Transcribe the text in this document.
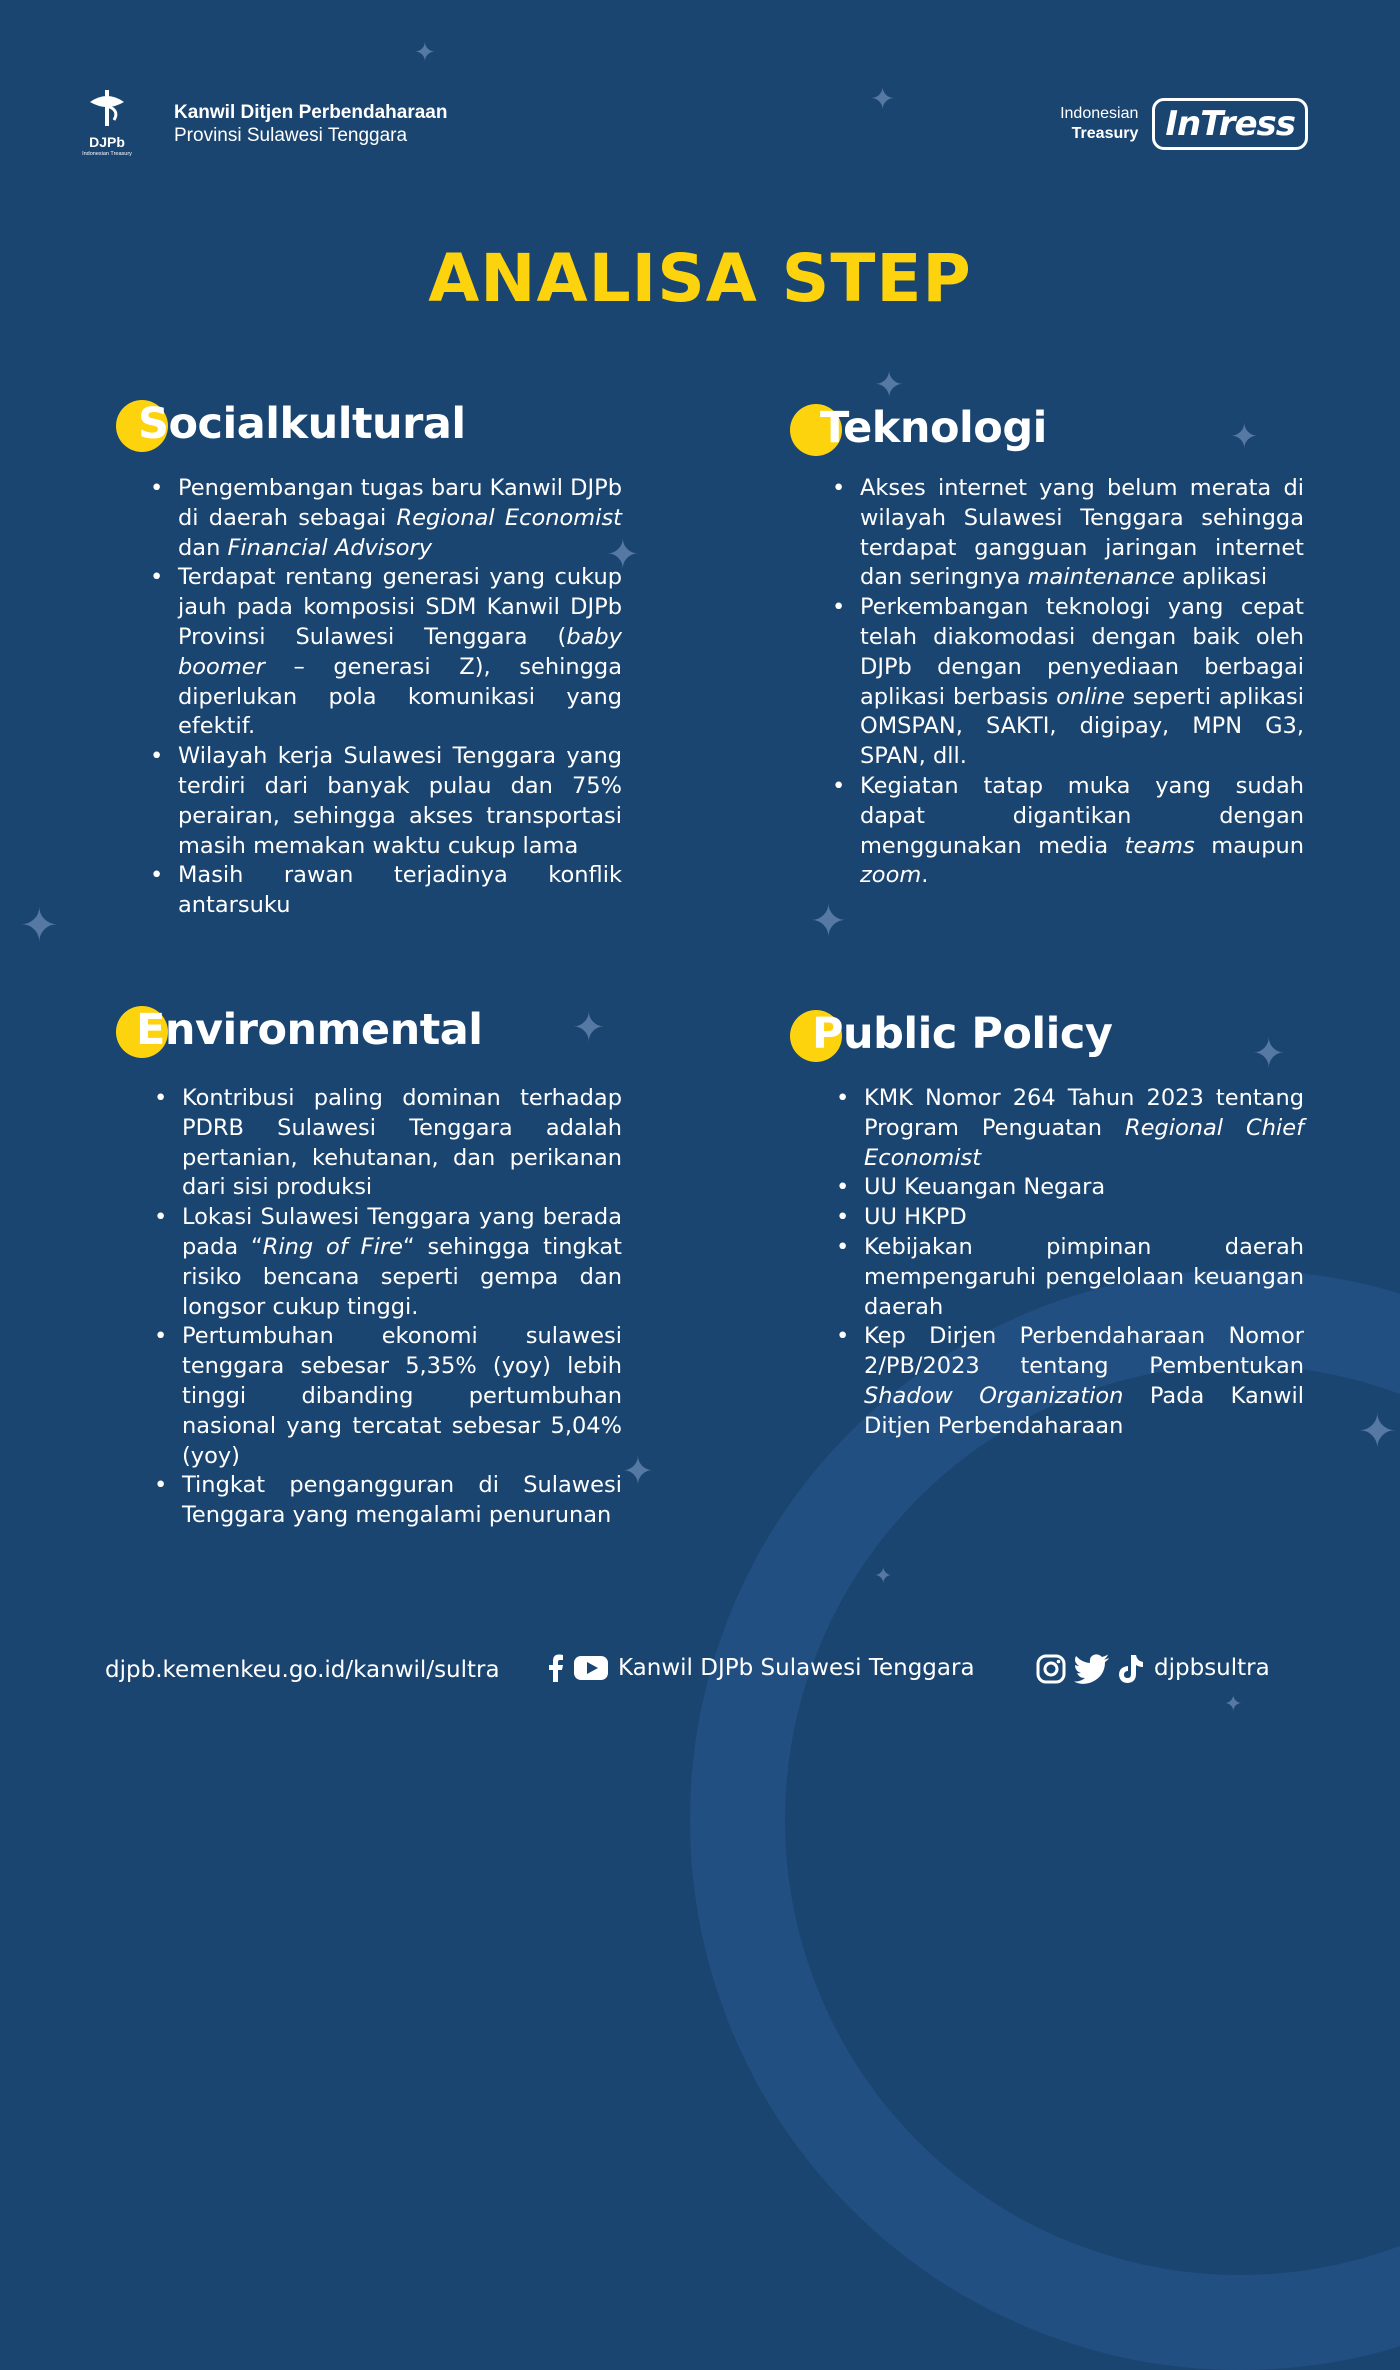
✦
✦
✦
✦
✦
✦	✦
✦
✦
✦
✦
✦
✦
DJPb
Indonesian Treasury
Kanwil Ditjen Perbendaharaan
Provinsi Sulawesi Tenggara
Indonesian
Treasury InTress
ANALISA STEP
Socialkultural
• Pengembangan tugas baru Kanwil DJPb di daerah sebagai Regional Economist dan Financial Advisory
• Terdapat rentang generasi yang cukup jauh pada komposisi SDM Kanwil DJPb Provinsi Sulawesi Tenggara (baby boomer – generasi Z), sehingga diperlukan pola komunikasi yang efektif.
• Wilayah kerja Sulawesi Tenggara yang terdiri dari banyak pulau dan 75% perairan, sehingga akses transportasi masih memakan waktu cukup lama
• Masih rawan terjadinya konflik antarsuku
Teknologi
• Akses internet yang belum merata di wilayah Sulawesi Tenggara sehingga terdapat gangguan jaringan internet dan seringnya maintenance aplikasi
• Perkembangan teknologi yang cepat telah diakomodasi dengan baik oleh DJPb dengan penyediaan berbagai aplikasi berbasis online seperti aplikasi OMSPAN, SAKTI, digipay, MPN G3, SPAN, dll.
• Kegiatan tatap muka yang sudah dapat digantikan dengan menggunakan media teams maupun zoom.
Environmental
• Kontribusi paling dominan terhadap PDRB Sulawesi Tenggara adalah pertanian, kehutanan, dan perikanan dari sisi produksi
• Lokasi Sulawesi Tenggara yang berada pada “Ring of Fire“ sehingga tingkat risiko bencana seperti gempa dan longsor cukup tinggi.
• Pertumbuhan ekonomi sulawesi tenggara sebesar 5,35% (yoy) lebih tinggi dibanding pertumbuhan nasional yang tercatat sebesar 5,04% (yoy)
• Tingkat pengangguran di Sulawesi Tenggara yang mengalami penurunan
Public Policy
• KMK Nomor 264 Tahun 2023 tentang Program Penguatan Regional Chief Economist
• UU Keuangan Negara
• UU HKPD
• Kebijakan pimpinan daerah mempengaruhi pengelolaan keuangan daerah
• Kep Dirjen Perbendaharaan Nomor 2/PB/2023 tentang Pembentukan Shadow Organization Pada Kanwil Ditjen Perbendaharaan
djpb.kemenkeu.go.id/kanwil/sultra	Kanwil DJPb Sulawesi Tenggara	djpbsultra
